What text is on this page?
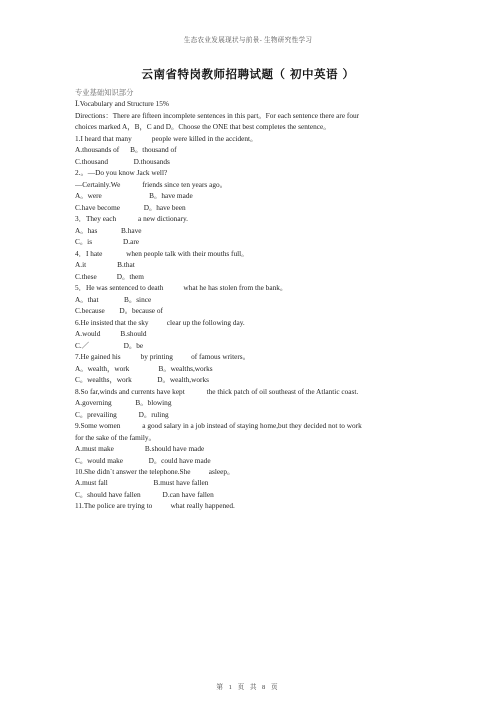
生态农业发展现状与前景- 生物研究性学习
云南省特岗教师招聘试题（ 初中英语 ）
专业基础知识部分
Ⅰ.Vocabulary and Structure 15%
Directions：There are fifteen incomplete sentences in this part。For each sentence there are four
choices marked A，B，C and D。Choose the ONE that best completes the sentence。
1.I heard that many           people were killed in the accident。
A.thousands of      B。thousand of
C.thousand              D.thousands
2.。—Do you know Jack well?
—Certainly.We            friends since ten years ago。
A。were                          B。have made
C.have become             D。have been
3．They each            a new dictionary.
A。has             B.have
C。is                 D.are
4．I hate             when people talk with their mouths full。
A.it                 B.that
C.these           D。them
5．He was sentenced to death           what he has stolen from the bank。
A。that              B。since
C.because        D。because of
6.He insisted that the sky          clear up the following day.
A.would           B.should
C.／                   D。be
7.He gained his           by printing          of famous writers。
A。wealth，work                B。wealths,works
C。wealths，work              D。wealth,works
8.So far,winds and currents have kept            the thick patch of oil southeast of the Atlantic coast.
A.governing             B。blowing
C。prevailing            D。ruling
9.Some women            a good salary in a job instead of staying home,but they decided not to work
for the sake of the family。
A.must make                 B.should have made
C。would make              D。could have made
10.She didn´t answer the telephone.She          asleep。
A.must fall                         B.must have fallen
C。should have fallen            D.can have fallen
11.The police are trying to          what really happened.
第 1 页 共 8 页
